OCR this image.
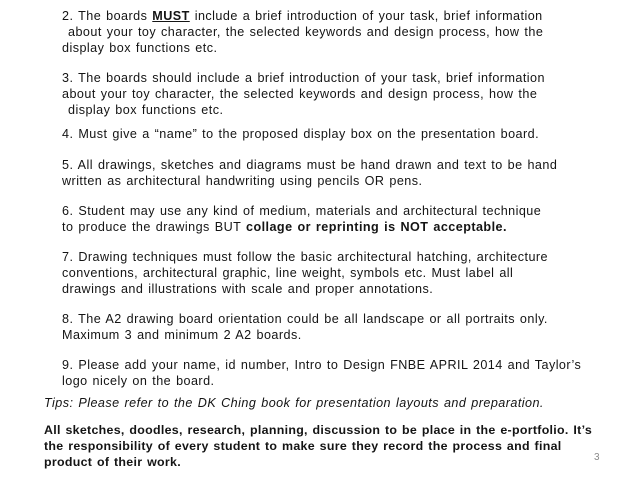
2. The boards MUST include a brief introduction of your task, brief information
about your toy character, the selected keywords and design process, how the
display box functions etc.
3. The boards should include a brief introduction of your task, brief information
about your toy character, the selected keywords and design process, how the
display box functions etc.
4. Must give a “name” to the proposed display box on the presentation board.
5. All drawings, sketches and diagrams must be hand drawn and text to be hand
written as architectural handwriting using pencils OR pens.
6. Student may use any kind of medium, materials and architectural technique
to produce the drawings BUT collage or reprinting is NOT acceptable.
7. Drawing techniques must follow the basic architectural hatching, architecture
conventions, architectural graphic, line weight, symbols etc. Must label all
drawings and illustrations with scale and proper annotations.
8. The A2 drawing board orientation could be all landscape or all portraits only.
Maximum 3 and minimum 2 A2 boards.
9. Please add your name, id number, Intro to Design FNBE APRIL 2014 and Taylor’s
logo nicely on the board.
Tips: Please refer to the DK Ching book for presentation layouts and preparation.
3
All sketches, doodles, research, planning, discussion to be place in the e-portfolio. It’s
the responsibility of every student to make sure they record the process and final
product of their work.
